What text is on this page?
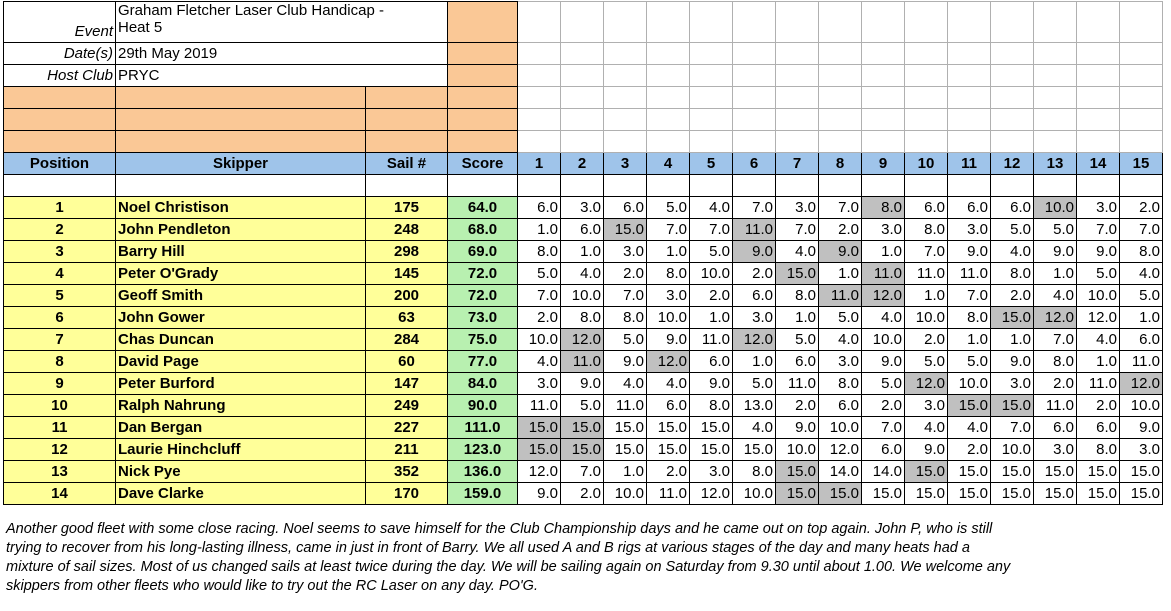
Event	Graham Fletcher Laser Club Handicap -
Heat 5																	

Date(s)	29th May 2019																	
Host Club	PRYC																	

Position	Skipper	Sail #	Score	1	2	3	4	5	6	7	8	9	10	11	12	13	14	15

1	Noel Christison	175	64.0	6.0	3.0	6.0	5.0	4.0	7.0	3.0	7.0	8.0	6.0	6.0	6.0	10.0	3.0	2.0
2	John Pendleton	248	68.0	1.0	6.0	15.0	7.0	7.0	11.0	7.0	2.0	3.0	8.0	3.0	5.0	5.0	7.0	7.0
3	Barry Hill	298	69.0	8.0	1.0	3.0	1.0	5.0	9.0	4.0	9.0	1.0	7.0	9.0	4.0	9.0	9.0	8.0
4	Peter O'Grady	145	72.0	5.0	4.0	2.0	8.0	10.0	2.0	15.0	1.0	11.0	11.0	11.0	8.0	1.0	5.0	4.0
5	Geoff Smith	200	72.0	7.0	10.0	7.0	3.0	2.0	6.0	8.0	11.0	12.0	1.0	7.0	2.0	4.0	10.0	5.0
6	John Gower	63	73.0	2.0	8.0	8.0	10.0	1.0	3.0	1.0	5.0	4.0	10.0	8.0	15.0	12.0	12.0	1.0
7	Chas Duncan	284	75.0	10.0	12.0	5.0	9.0	11.0	12.0	5.0	4.0	10.0	2.0	1.0	1.0	7.0	4.0	6.0
8	David Page	60	77.0	4.0	11.0	9.0	12.0	6.0	1.0	6.0	3.0	9.0	5.0	5.0	9.0	8.0	1.0	11.0
9	Peter Burford	147	84.0	3.0	9.0	4.0	4.0	9.0	5.0	11.0	8.0	5.0	12.0	10.0	3.0	2.0	11.0	12.0
10	Ralph Nahrung	249	90.0	11.0	5.0	11.0	6.0	8.0	13.0	2.0	6.0	2.0	3.0	15.0	15.0	11.0	2.0	10.0
11	Dan Bergan	227	111.0	15.0	15.0	15.0	15.0	15.0	4.0	9.0	10.0	7.0	4.0	4.0	7.0	6.0	6.0	9.0
12	Laurie Hinchcluff	211	123.0	15.0	15.0	15.0	15.0	15.0	15.0	10.0	12.0	6.0	9.0	2.0	10.0	3.0	8.0	3.0
13	Nick Pye	352	136.0	12.0	7.0	1.0	2.0	3.0	8.0	15.0	14.0	14.0	15.0	15.0	15.0	15.0	15.0	15.0
14	Dave Clarke	170	159.0	9.0	2.0	10.0	11.0	12.0	10.0	15.0	15.0	15.0	15.0	15.0	15.0	15.0	15.0	15.0
Another good fleet with some close racing. Noel seems to save himself for the Club Championship days and he came out on top again. John P, who is still
trying to recover from his long-lasting illness, came in just in front of Barry. We all used A and B rigs at various stages of the day and many heats had a
mixture of sail sizes. Most of us changed sails at least twice during the day. We will be sailing again on Saturday from 9.30 until about 1.00. We welcome any
skippers from other fleets who would like to try out the RC Laser on any day. PO'G.
